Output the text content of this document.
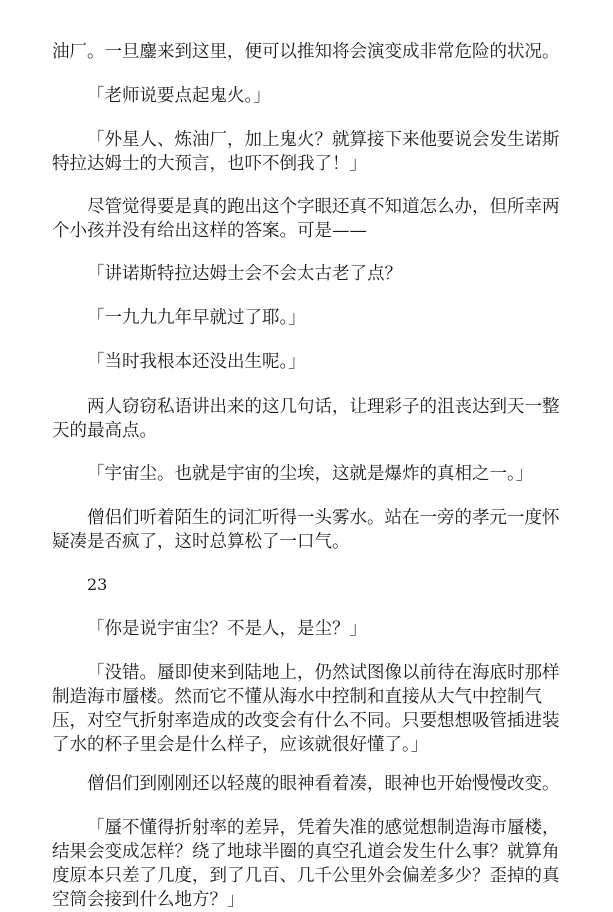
油厂。一旦鏖来到这里，便可以推知将会演变成非常危险的状况。

「老师说要点起鬼火。」

「外星人、炼油厂，加上鬼火？就算接下来他要说会发生诺斯特拉达姆士的大预言，也吓不倒我了！」

尽管觉得要是真的跑出这个字眼还真不知道怎么办，但所幸两个小孩并没有给出这样的答案。可是——

「讲诺斯特拉达姆士会不会太古老了点？

「一九九九年早就过了耶。」

「当时我根本还没出生呢。」

两人窃窃私语讲出来的这几句话，让理彩子的沮丧达到天一整天的最高点。

「宇宙尘。也就是宇宙的尘埃，这就是爆炸的真相之一。」

僧侣们听着陌生的词汇听得一头雾水。站在一旁的孝元一度怀疑凑是否疯了，这时总算松了一口气。

23

「你是说宇宙尘？不是人，是尘？」

「没错。蜃即使来到陆地上，仍然试图像以前待在海底时那样制造海市蜃楼。然而它不懂从海水中控制和直接从大气中控制气压，对空气折射率造成的改变会有什么不同。只要想想吸管插进装了水的杯子里会是什么样子，应该就很好懂了。」

僧侣们到刚刚还以轻蔑的眼神看着凑，眼神也开始慢慢改变。

「蜃不懂得折射率的差异，凭着失准的感觉想制造海市蜃楼，结果会变成怎样？绕了地球半圈的真空孔道会发生什么事？就算角度原本只差了几度，到了几百、几千公里外会偏差多少？歪掉的真空筒会接到什么地方？」
